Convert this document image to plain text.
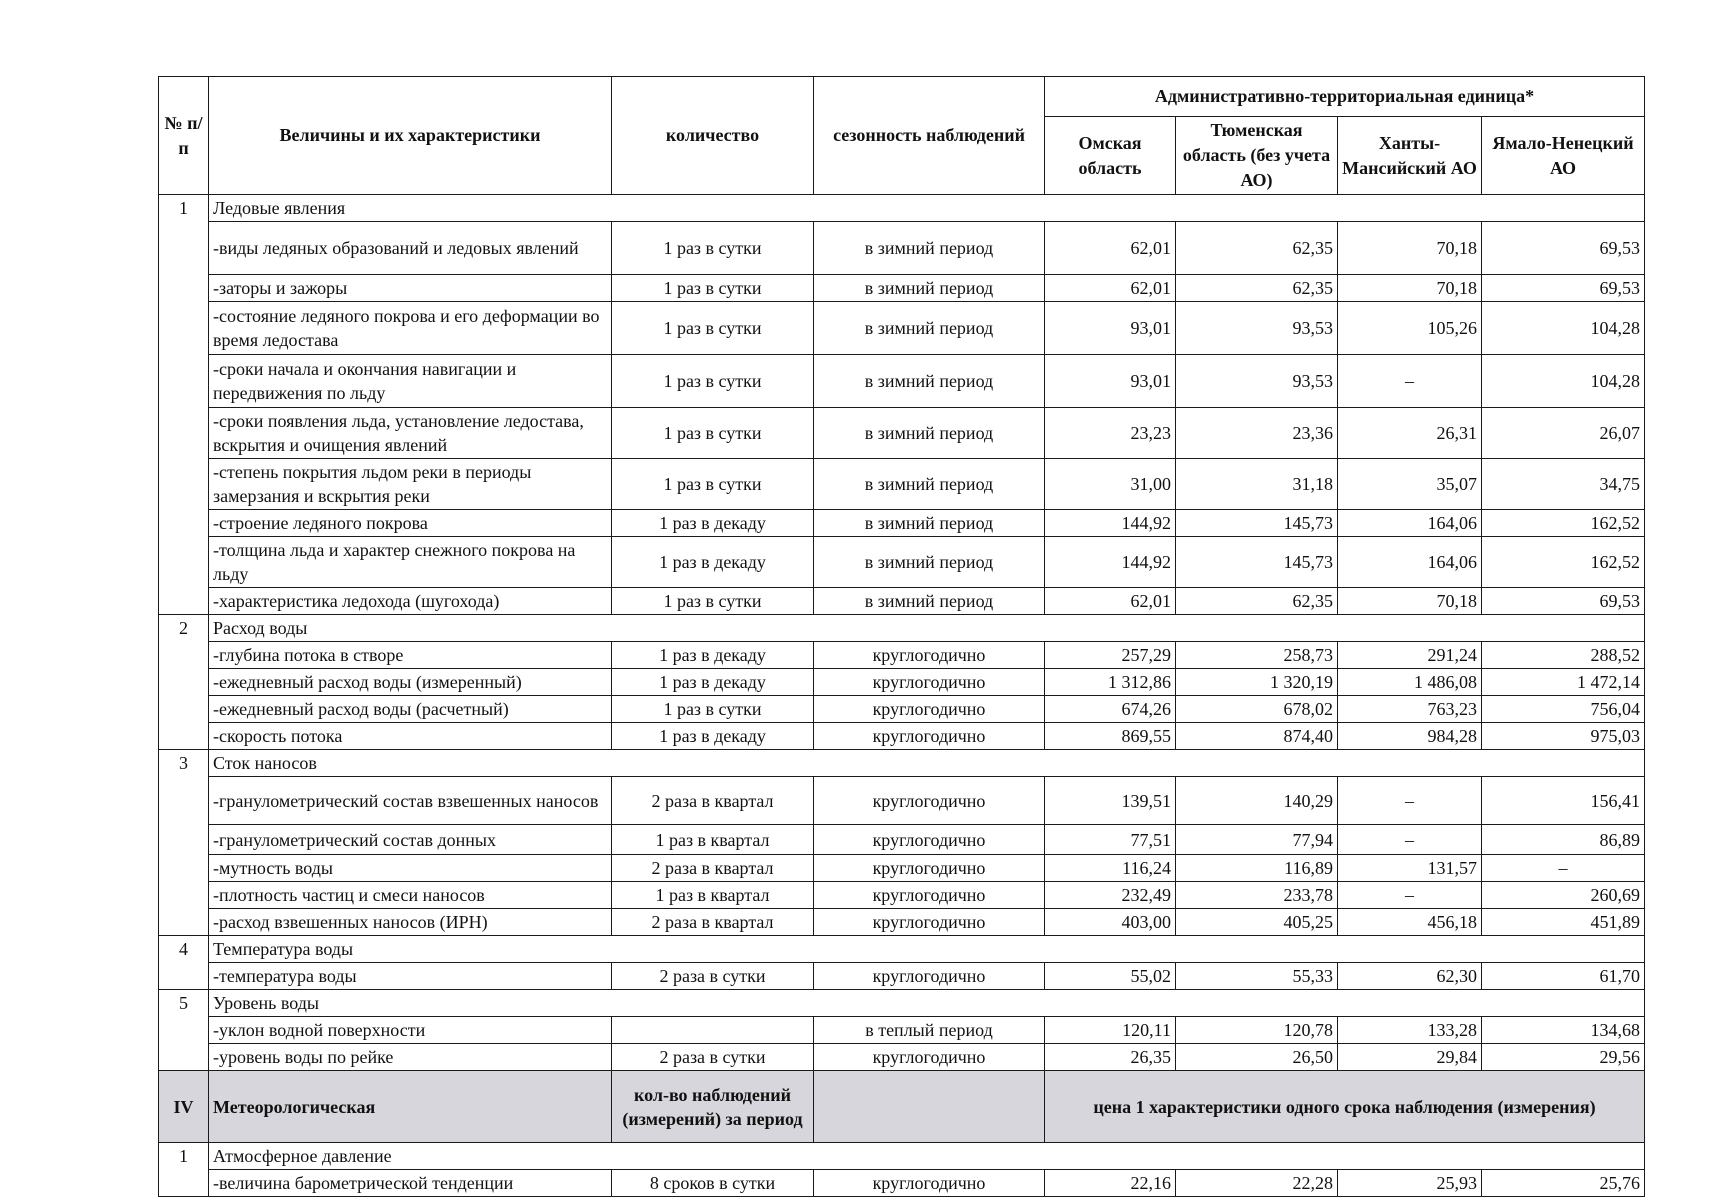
№ п/п	Величины и их характеристики	количество	сезонность наблюдений	Административно-территориальная единица*			
				Омская область	Тюменская область (без учета АО)	Ханты-Мансийский АО	Ямало-Ненецкий АО
1	Ледовые явления						
	-виды ледяных образований и ледовых явлений	1 раз в сутки	в зимний период	62,01	62,35	70,18	69,53
	-заторы и зажоры	1 раз в сутки	в зимний период	62,01	62,35	70,18	69,53
	-состояние ледяного покрова и его деформации во время ледостава	1 раз в сутки	в зимний период	93,01	93,53	105,26	104,28
	-сроки начала и окончания навигации и передвижения по льду	1 раз в сутки	в зимний период	93,01	93,53	–	104,28
	-сроки появления льда, установление ледостава, вскрытия и очищения явлений	1 раз в сутки	в зимний период	23,23	23,36	26,31	26,07
	-степень покрытия льдом реки в периоды замерзания и вскрытия реки	1 раз в сутки	в зимний период	31,00	31,18	35,07	34,75
	-строение ледяного покрова	1 раз в декаду	в зимний период	144,92	145,73	164,06	162,52
	-толщина льда и характер снежного покрова на льду	1 раз в декаду	в зимний период	144,92	145,73	164,06	162,52
	-характеристика ледохода (шугохода)	1 раз в сутки	в зимний период	62,01	62,35	70,18	69,53
2	Расход воды						
	-глубина потока в створе	1 раз в декаду	круглогодично	257,29	258,73	291,24	288,52
	-ежедневный расход воды (измеренный)	1 раз в декаду	круглогодично	1 312,86	1 320,19	1 486,08	1 472,14
	-ежедневный расход воды (расчетный)	1 раз в сутки	круглогодично	674,26	678,02	763,23	756,04
	-скорость потока	1 раз в декаду	круглогодично	869,55	874,40	984,28	975,03
3	Сток наносов						
	-гранулометрический состав взвешенных наносов	2 раза в квартал	круглогодично	139,51	140,29	–	156,41
	-гранулометрический состав донных	1 раз в квартал	круглогодично	77,51	77,94	–	86,89
	-мутность воды	2 раза в квартал	круглогодично	116,24	116,89	131,57	–
	-плотность частиц и смеси наносов	1 раз в квартал	круглогодично	232,49	233,78	–	260,69
	-расход взвешенных наносов (ИРН)	2 раза в квартал	круглогодично	403,00	405,25	456,18	451,89
4	Температура воды						
	-температура воды	2 раза в сутки	круглогодично	55,02	55,33	62,30	61,70
5	Уровень воды						
	-уклон водной поверхности		в теплый период	120,11	120,78	133,28	134,68
	-уровень воды по рейке	2 раза в сутки	круглогодично	26,35	26,50	29,84	29,56
IV	Метеорологическая	кол-во наблюдений (измерений) за период		цена 1 характеристики одного срока наблюдения (измерения)			
1	Атмосферное давление						
	-величина барометрической тенденции	8 сроков в сутки	круглогодично	22,16	22,28	25,93	25,76
